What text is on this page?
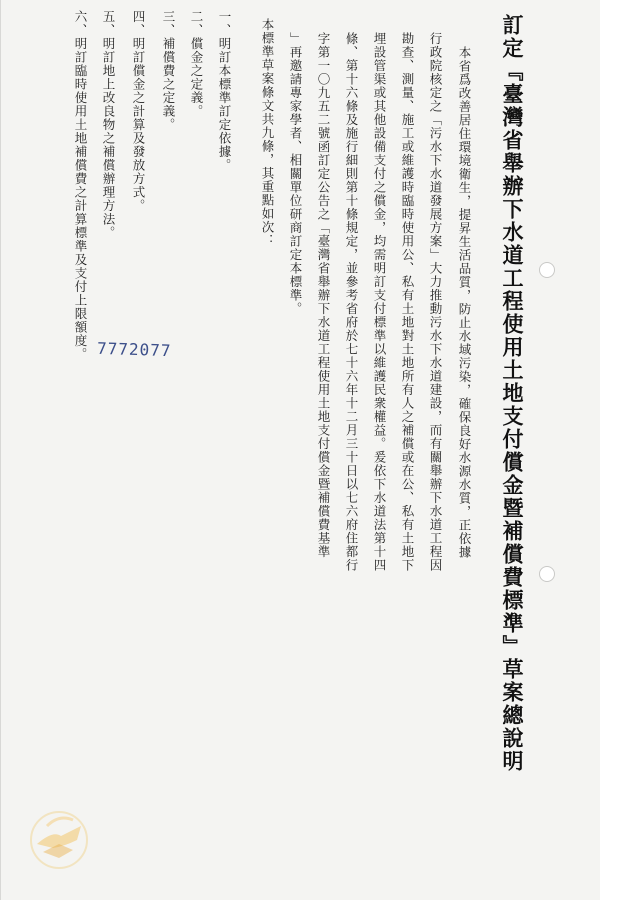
訂定『臺灣省舉辦下水道工程使用土地支付償金暨補償費標準』草案總說明
本省爲改善居住環境衛生，提昇生活品質，防止水域污染，確保良好水源水質，正依據
行政院核定之「污水下水道發展方案」大力推動污水下水道建設，而有關舉辦下水道工程因
勘查、測量、施工或維護時臨時使用公、私有土地對土地所有人之補償或在公、私有土地下
埋設管渠或其他設備支付之償金，均需明訂支付標準以維護民衆權益。爰依下水道法第十四
條、第十六條及施行細則第十條規定，並參考省府於七十六年十二月三十日以七六府住都行
字第一〇九五二號函訂定公告之「臺灣省舉辦下水道工程使用土地支付償金暨補償費基準
」再邀請專家學者、相關單位研商訂定本標準。
本標準草案條文共九條，其重點如次：
一、明訂本標準訂定依據。
二、償金之定義。
三、補償費之定義。
四、明訂償金之計算及發放方式。
五、明訂地上改良物之補償辦理方法。
六、明訂臨時使用土地補償費之計算標準及支付上限額度。 7772077
